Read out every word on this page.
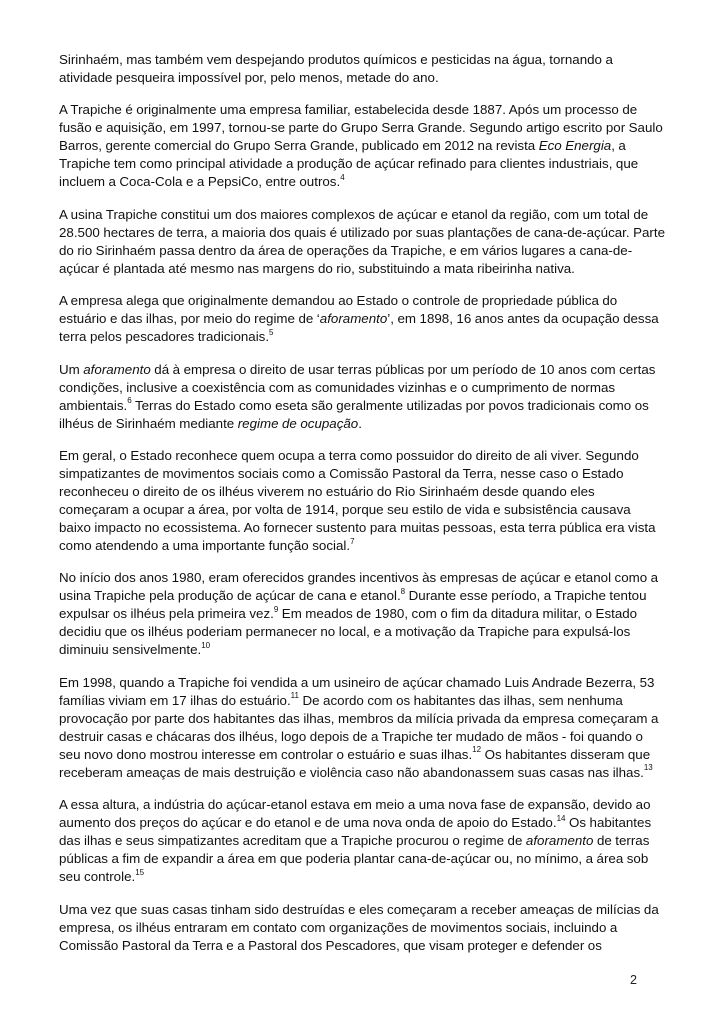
Sirinhaém, mas também vem despejando produtos químicos e pesticidas na água, tornando a atividade pesqueira impossível por, pelo menos, metade do ano.

A Trapiche é originalmente uma empresa familiar, estabelecida desde 1887. Após um processo de fusão e aquisição, em 1997, tornou-se parte do Grupo Serra Grande. Segundo artigo escrito por Saulo Barros, gerente comercial do Grupo Serra Grande, publicado em 2012 na revista Eco Energia, a Trapiche tem como principal atividade a produção de açúcar refinado para clientes industriais, que incluem a Coca-Cola e a PepsiCo, entre outros.$^4$

A usina Trapiche constitui um dos maiores complexos de açúcar e etanol da região, com um total de 28.500 hectares de terra, a maioria dos quais é utilizado por suas plantações de cana-de-açúcar. Parte do rio Sirinhaém passa dentro da área de operações da Trapiche, e em vários lugares a cana-de-açúcar é plantada até mesmo nas margens do rio, substituindo a mata ribeirinha nativa.

A empresa alega que originalmente demandou ao Estado o controle de propriedade pública do estuário e das ilhas, por meio do regime de ‘aforamento’, em 1898, 16 anos antes da ocupação dessa terra pelos pescadores tradicionais.$^5$

Um aforamento dá à empresa o direito de usar terras públicas por um período de 10 anos com certas condições, inclusive a coexistência com as comunidades vizinhas e o cumprimento de normas ambientais.$^6$ Terras do Estado como eseta são geralmente utilizadas por povos tradicionais como os ilhéus de Sirinhaém mediante regime de ocupação.

Em geral, o Estado reconhece quem ocupa a terra como possuidor do direito de ali viver. Segundo simpatizantes de movimentos sociais como a Comissão Pastoral da Terra, nesse caso o Estado reconheceu o direito de os ilhéus viverem no estuário do Rio Sirinhaém desde quando eles começaram a ocupar a área, por volta de 1914, porque seu estilo de vida e subsistência causava baixo impacto no ecossistema. Ao fornecer sustento para muitas pessoas, esta terra pública era vista como atendendo a uma importante função social.$^7$

No início dos anos 1980, eram oferecidos grandes incentivos às empresas de açúcar e etanol como a usina Trapiche pela produção de açúcar de cana e etanol.$^8$ Durante esse período, a Trapiche tentou expulsar os ilhéus pela primeira vez.$^9$ Em meados de 1980, com o fim da ditadura militar, o Estado decidiu que os ilhéus poderiam permanecer no local, e a motivação da Trapiche para expulsá-los diminuiu sensivelmente.$^{10}$

Em 1998, quando a Trapiche foi vendida a um usineiro de açúcar chamado Luis Andrade Bezerra, 53 famílias viviam em 17 ilhas do estuário.$^{11}$ De acordo com os habitantes das ilhas, sem nenhuma provocação por parte dos habitantes das ilhas, membros da milícia privada da empresa começaram a destruir casas e chácaras dos ilhéus, logo depois de a Trapiche ter mudado de mãos - foi quando o seu novo dono mostrou interesse em controlar o estuário e suas ilhas.$^{12}$ Os habitantes disseram que receberam ameaças de mais destruição e violência caso não abandonassem suas casas nas ilhas.$^{13}$

A essa altura, a indústria do açúcar-etanol estava em meio a uma nova fase de expansão, devido ao aumento dos preços do açúcar e do etanol e de uma nova onda de apoio do Estado.$^{14}$ Os habitantes das ilhas e seus simpatizantes acreditam que a Trapiche procurou o regime de aforamento de terras públicas a fim de expandir a área em que poderia plantar cana-de-açúcar ou, no mínimo, a área sob seu controle.$^{15}$

Uma vez que suas casas tinham sido destruídas e eles começaram a receber ameaças de milícias da empresa, os ilhéus entraram em contato com organizações de movimentos sociais, incluindo a Comissão Pastoral da Terra e a Pastoral dos Pescadores, que visam proteger e defender os

2
